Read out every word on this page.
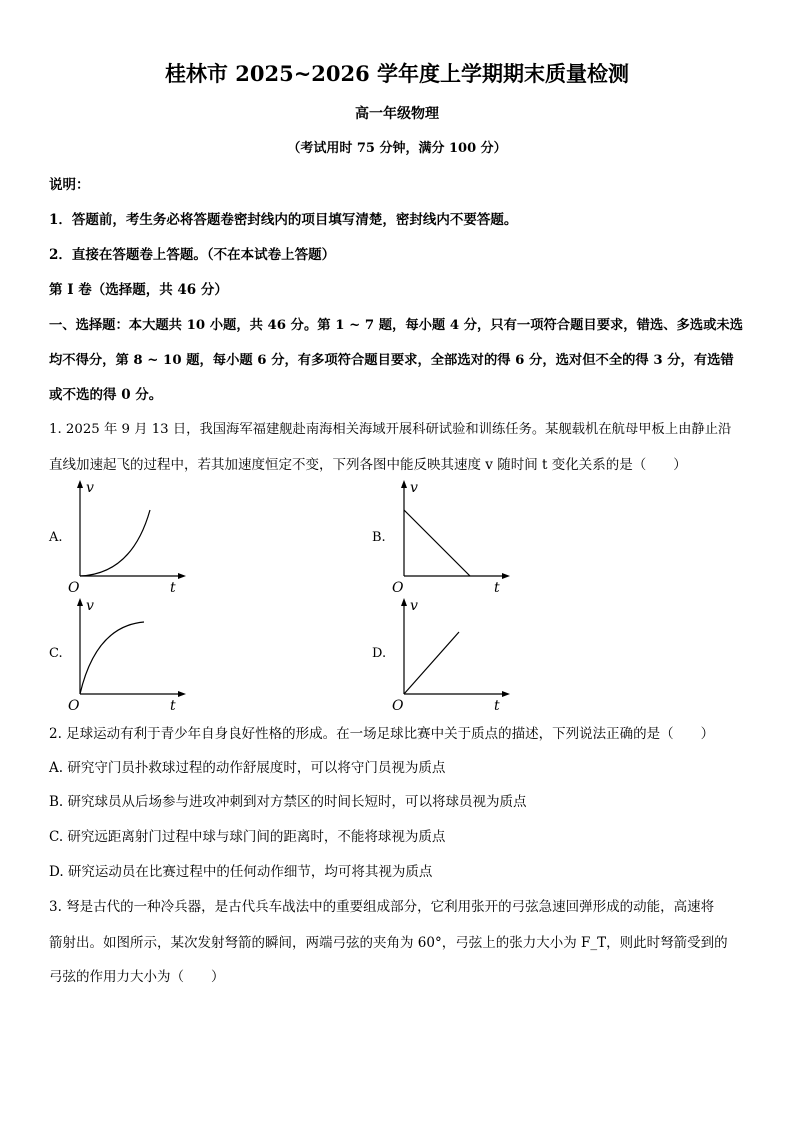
桂林市 2025~2026 学年度上学期期末质量检测
高一年级物理
（考试用时 75 分钟，满分 100 分）
说明：
1．答题前，考生务必将答题卷密封线内的项目填写清楚，密封线内不要答题。
2．直接在答题卷上答题。（不在本试卷上答题）
第 I 卷（选择题，共 46 分）
一、选择题：本大题共 10 小题，共 46 分。第 1 ~ 7 题，每小题 4 分，只有一项符合题目要求，错选、多选或未选
均不得分，第 8 ~ 10 题，每小题 6 分，有多项符合题目要求，全部选对的得 6 分，选对但不全的得 3 分，有选错
或不选的得 0 分。
1. 2025 年 9 月 13 日，我国海军福建舰赴南海相关海域开展科研试验和训练任务。某舰载机在航母甲板上由静止沿
直线加速起飞的过程中，若其加速度恒定不变，下列各图中能反映其速度 v 随时间 t 变化关系的是（　　）
A.	B.
C.	D.
v
O	t
v
O	t
v
O	t
v
O	t
2. 足球运动有利于青少年自身良好性格的形成。在一场足球比赛中关于质点的描述，下列说法正确的是（　　）
A. 研究守门员扑救球过程的动作舒展度时，可以将守门员视为质点
B. 研究球员从后场参与进攻冲刺到对方禁区的时间长短时，可以将球员视为质点
C. 研究远距离射门过程中球与球门间的距离时，不能将球视为质点
D. 研究运动员在比赛过程中的任何动作细节，均可将其视为质点
3. 弩是古代的一种冷兵器，是古代兵车战法中的重要组成部分，它利用张开的弓弦急速回弹形成的动能，高速将
箭射出。如图所示，某次发射弩箭的瞬间，两端弓弦的夹角为 60°，弓弦上的张力大小为 F_T，则此时弩箭受到的
弓弦的作用力大小为（　　）
